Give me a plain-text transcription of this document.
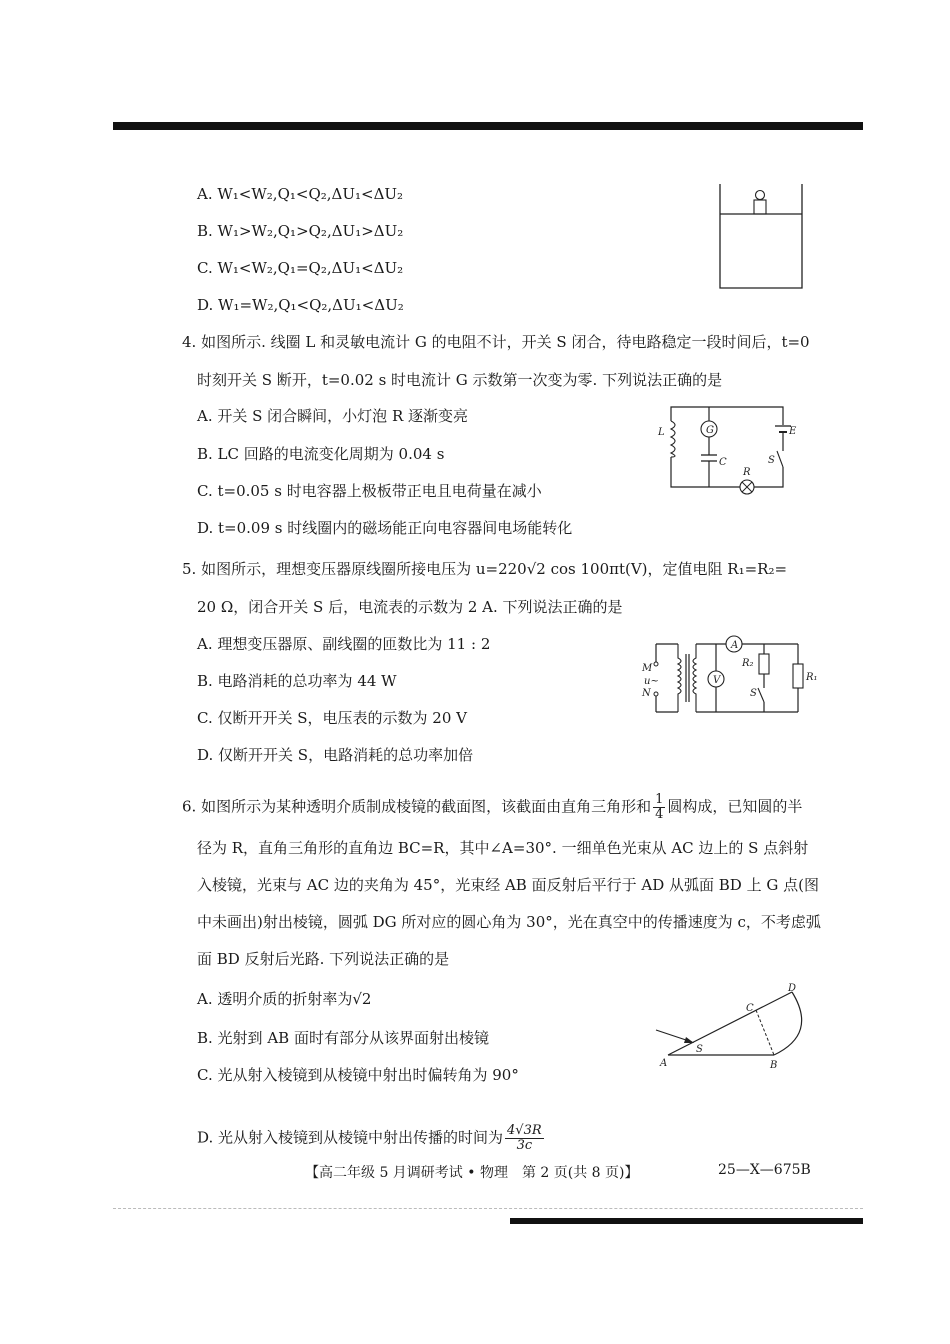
A. W₁<W₂,Q₁<Q₂,ΔU₁<ΔU₂
B. W₁>W₂,Q₁>Q₂,ΔU₁>ΔU₂
C. W₁<W₂,Q₁=Q₂,ΔU₁<ΔU₂
D. W₁=W₂,Q₁<Q₂,ΔU₁<ΔU₂
4. 如图所示. 线圈 L 和灵敏电流计 G 的电阻不计，开关 S 闭合，待电路稳定一段时间后，t=0
时刻开关 S 断开，t=0.02 s 时电流计 G 示数第一次变为零. 下列说法正确的是
A. 开关 S 闭合瞬间，小灯泡 R 逐渐变亮
B. LC 回路的电流变化周期为 0.04 s
C. t=0.05 s 时电容器上极板带正电且电荷量在减小
D. t=0.09 s 时线圈内的磁场能正向电容器间电场能转化
L	G	E
C	S
R
5. 如图所示，理想变压器原线圈所接电压为 u=220√2 cos 100πt(V)，定值电阻 R₁=R₂=
20 Ω，闭合开关 S 后，电流表的示数为 2 A. 下列说法正确的是
A. 理想变压器原、副线圈的匝数比为 11 : 2
B. 电路消耗的总功率为 44 W
C. 仅断开开关 S，电压表的示数为 20 V
D. 仅断开开关 S，电路消耗的总功率加倍
M
u~
N
V
A
R₂
S
R₁
6. 如图所示为某种透明介质制成棱镜的截面图，该截面由直角三角形和 $\frac{1}{4}$ 圆构成，已知圆的半
径为 R，直角三角形的直角边 BC=R，其中∠A=30°. 一细单色光束从 AC 边上的 S 点斜射
入棱镜，光束与 AC 边的夹角为 45°，光束经 AB 面反射后平行于 AD 从弧面 BD 上 G 点(图
中未画出)射出棱镜，圆弧 DG 所对应的圆心角为 30°，光在真空中的传播速度为 c，不考虑弧
面 BD 反射后光路. 下列说法正确的是
A. 透明介质的折射率为√2
B. 光射到 AB 面时有部分从该界面射出棱镜
C. 光从射入棱镜到从棱镜中射出时偏转角为 90°
D. 光从射入棱镜到从棱镜中射出传播的时间为 $\frac{4√3R}{3c}$
A
S
B
C
D
【高二年级 5 月调研考试 • 物理　第 2 页(共 8 页)】	25—X—675B
